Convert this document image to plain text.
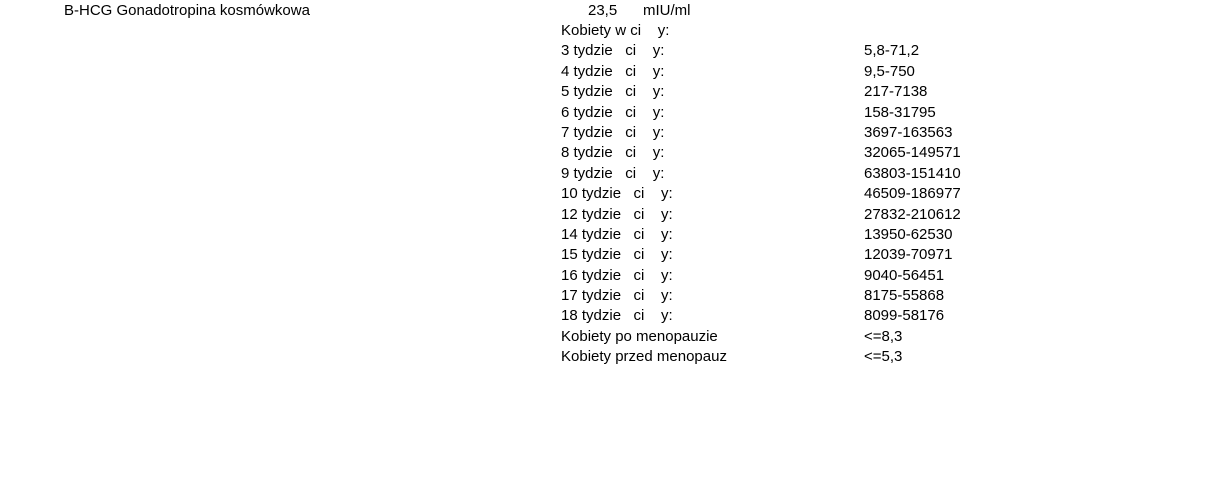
B-HCG Gonadotropina kosmówkowa	23,5 mIU/ml
Kobiety w ci    y:
3 tydzie   ci    y:	5,8-71,2
4 tydzie   ci    y:	9,5-750
5 tydzie   ci    y:	217-7138
6 tydzie   ci    y:	158-31795
7 tydzie   ci    y:	3697-163563
8 tydzie   ci    y:	32065-149571
9 tydzie   ci    y:	63803-151410
10 tydzie   ci    y:	46509-186977
12 tydzie   ci    y:	27832-210612
14 tydzie   ci    y:	13950-62530
15 tydzie   ci    y:	12039-70971
16 tydzie   ci    y:	9040-56451
17 tydzie   ci    y:	8175-55868
18 tydzie   ci    y:	8099-58176
Kobiety po menopauzie	<=8,3
Kobiety przed menopauz	<=5,3
